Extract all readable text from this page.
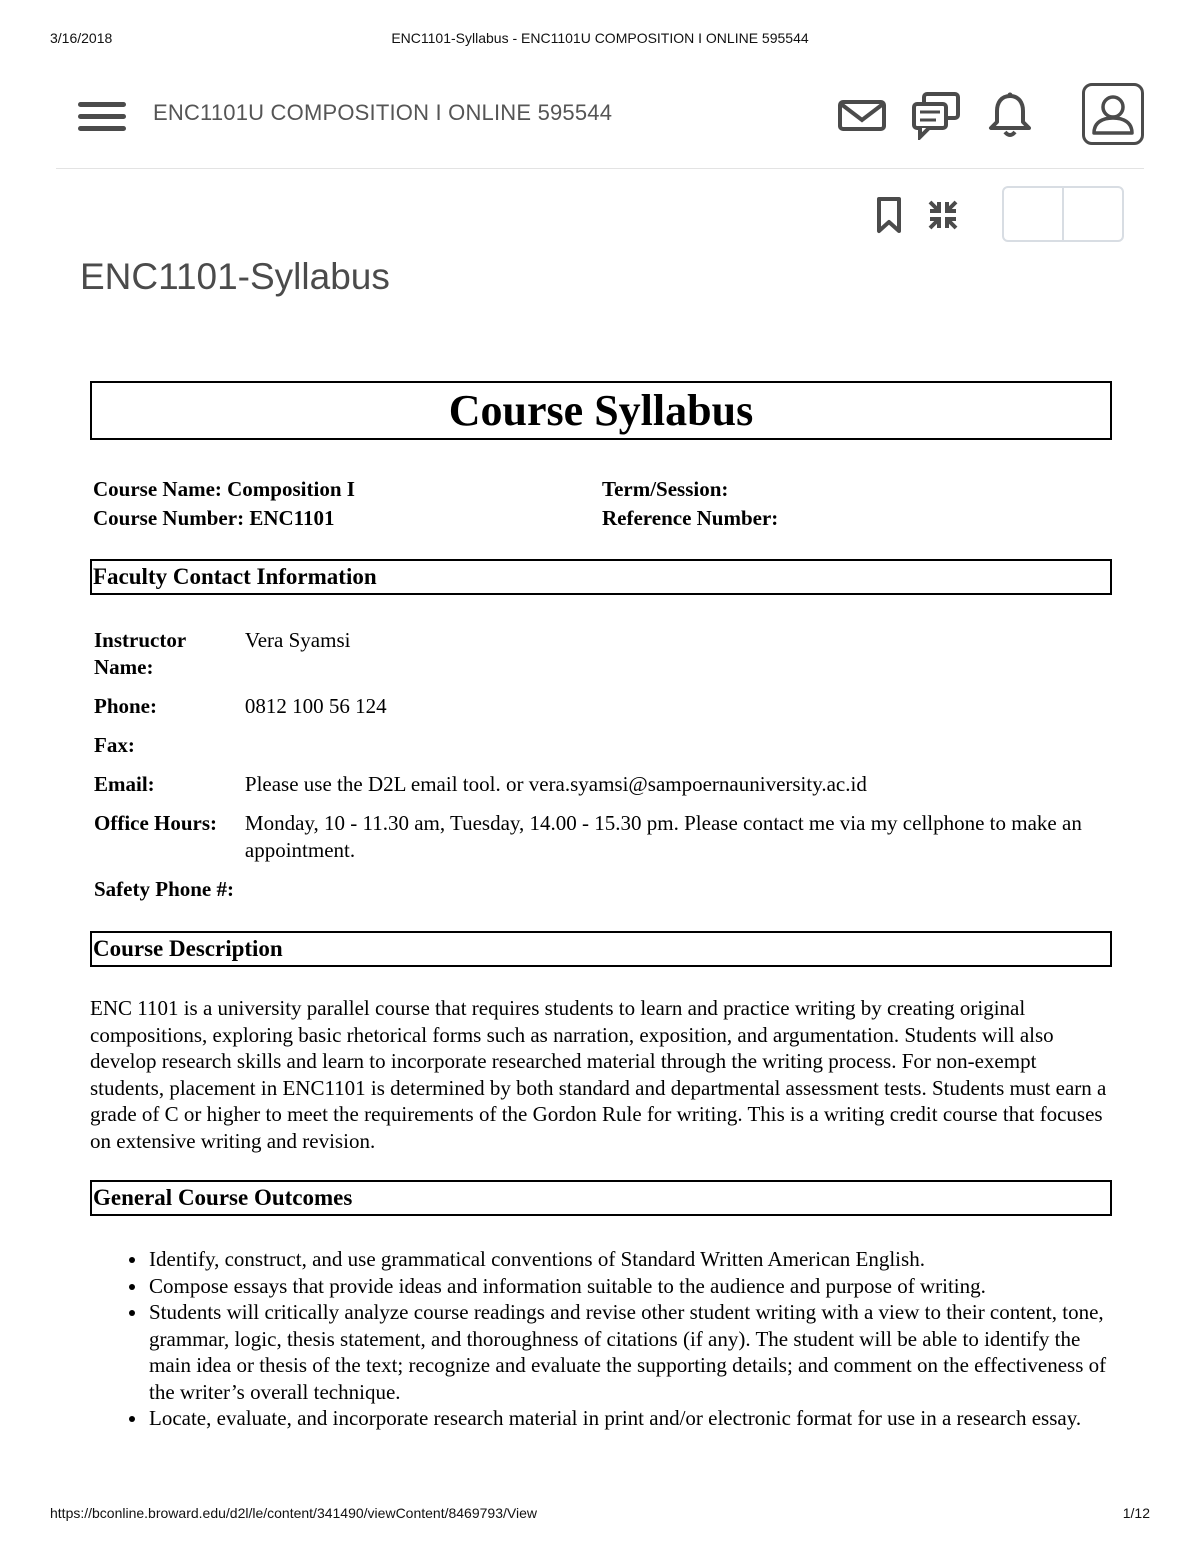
3/16/2018	ENC1101-Syllabus - ENC1101U COMPOSITION I ONLINE 595544
ENC1101U COMPOSITION I ONLINE 595544
ENC1101-Syllabus
Course Syllabus
Course Name: Composition I
Course Number: ENC1101
Term/Session:
Reference Number:
Faculty Contact Information
Instructor Name:	Vera Syamsi
Phone:	0812 100 56 124
Fax:	
Email:	Please use the D2L email tool. or vera.syamsi@sampoernauniversity.ac.id
Office Hours:	Monday, 10 - 11.30 am, Tuesday, 14.00 - 15.30 pm. Please contact me via my cellphone to make an appointment.
Safety Phone #:	
Course Description
ENC 1101 is a university parallel course that requires students to learn and practice writing by creating original compositions, exploring basic rhetorical forms such as narration, exposition, and argumentation. Students will also develop research skills and learn to incorporate researched material through the writing process. For non-exempt students, placement in ENC1101 is determined by both standard and departmental assessment tests. Students must earn a grade of C or higher to meet the requirements of the Gordon Rule for writing. This is a writing credit course that focuses on extensive writing and revision.
General Course Outcomes
• Identify, construct, and use grammatical conventions of Standard Written American English.
• Compose essays that provide ideas and information suitable to the audience and purpose of writing.
• Students will critically analyze course readings and revise other student writing with a view to their content, tone, grammar, logic, thesis statement, and thoroughness of citations (if any). The student will be able to identify the main idea or thesis of the text; recognize and evaluate the supporting details; and comment on the effectiveness of the writer’s overall technique.
• Locate, evaluate, and incorporate research material in print and/or electronic format for use in a research essay.
https://bconline.broward.edu/d2l/le/content/341490/viewContent/8469793/View	1/12
